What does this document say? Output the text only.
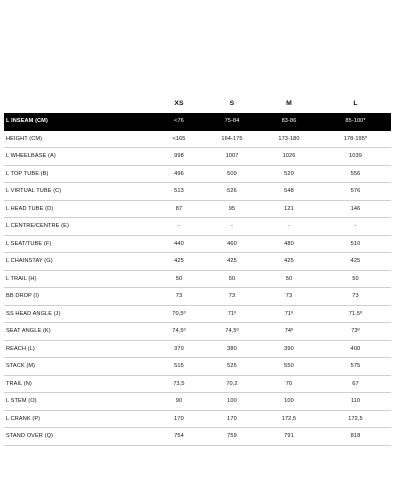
	XS	S	M	L
L INSEAM (CM)	<76	75-84	83-86	85-100*
HEIGHT (CM)	<165	164-175	173-180	178-195*
L WHEELBASE (A)	998	1007	1026	1039
L TOP TUBE (B)	496	509	520	556
L VIRTUAL TUBE (C)	513	526	548	576
L HEAD TUBE (D)	87	95	121	146
L CENTRE/CENTRE (E)	-	-	-	-
L SEAT/TUBE (F)	440	460	480	510
L CHAINSTAY (G)	425	425	425	425
L TRAIL (H)	50	50	50	50
BB DROP (I)	73	73	73	73
SS HEAD ANGLE (J)	70,5º	71º	71º	71,5º
SEAT ANGLE (K)	74,5º	74,5º	74º	73º
REACH (L)	370	380	390	400
STACK (M)	515	525	550	575
TRAIL (N)	73,5	70,2	70	67
L STEM (O)	90	100	100	110
L CRANK (P)	170	170	172,5	172,5
STAND OVER (Q)	754	759	791	818
